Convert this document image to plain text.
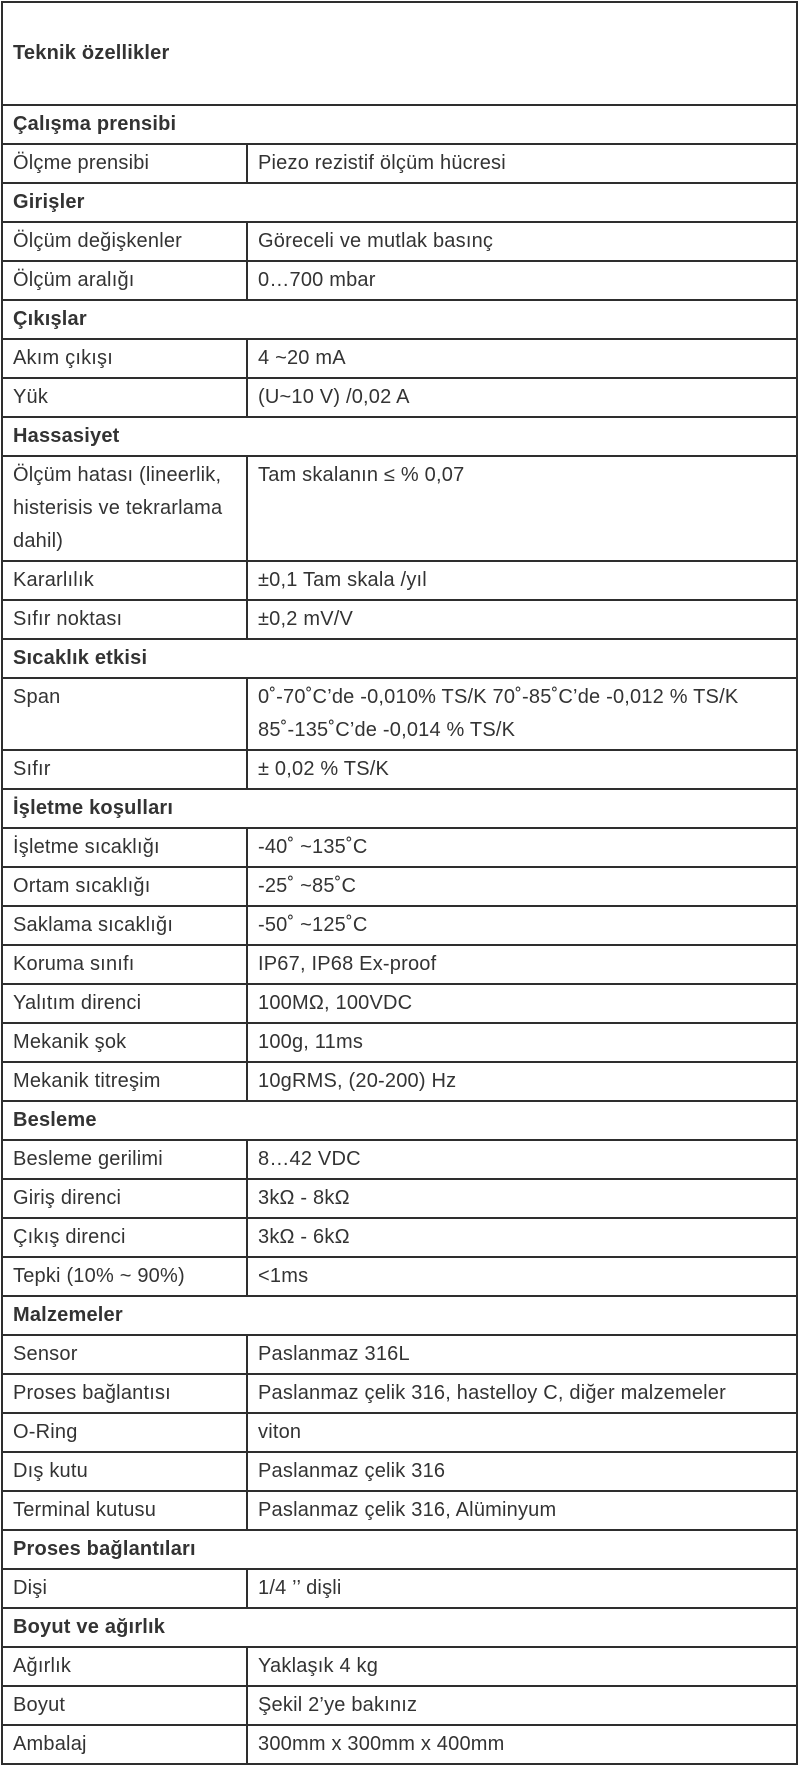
Teknik özellikler	
Çalışma prensibi	
Ölçme prensibi	Piezo rezistif ölçüm hücresi
Girişler	
Ölçüm değişkenler	Göreceli ve mutlak basınç
Ölçüm aralığı	0…700 mbar
Çıkışlar	
Akım çıkışı	4 ~20 mA
Yük	(U~10 V) /0,02 A
Hassasiyet	
Ölçüm hatası (lineerlik, histerisis ve tekrarlama dahil)	Tam skalanın ≤ % 0,07
Kararlılık	±0,1 Tam skala /yıl
Sıfır noktası	±0,2 mV/V
Sıcaklık etkisi	
Span	0˚-70˚C’de -0,010% TS/K 70˚-85˚C’de -0,012 % TS/K 85˚-135˚C’de -0,014 % TS/K
Sıfır	± 0,02 % TS/K
İşletme koşulları	
İşletme sıcaklığı	-40˚ ~135˚C
Ortam sıcaklığı	-25˚ ~85˚C
Saklama sıcaklığı	-50˚ ~125˚C
Koruma sınıfı	IP67, IP68 Ex-proof
Yalıtım direnci	100MΩ, 100VDC
Mekanik şok	100g, 11ms
Mekanik titreşim	10gRMS, (20-200) Hz
Besleme	
Besleme gerilimi	8…42 VDC
Giriş direnci	3kΩ - 8kΩ
Çıkış direnci	3kΩ - 6kΩ
Tepki (10% ~ 90%)	<1ms
Malzemeler	
Sensor	Paslanmaz 316L
Proses bağlantısı	Paslanmaz çelik 316, hastelloy C, diğer malzemeler
O-Ring	viton
Dış kutu	Paslanmaz çelik 316
Terminal kutusu	Paslanmaz çelik 316, Alüminyum
Proses bağlantıları	
Dişi	1/4 ’’ dişli
Boyut ve ağırlık	
Ağırlık	Yaklaşık 4 kg
Boyut	Şekil 2’ye bakınız
Ambalaj	300mm x 300mm x 400mm
